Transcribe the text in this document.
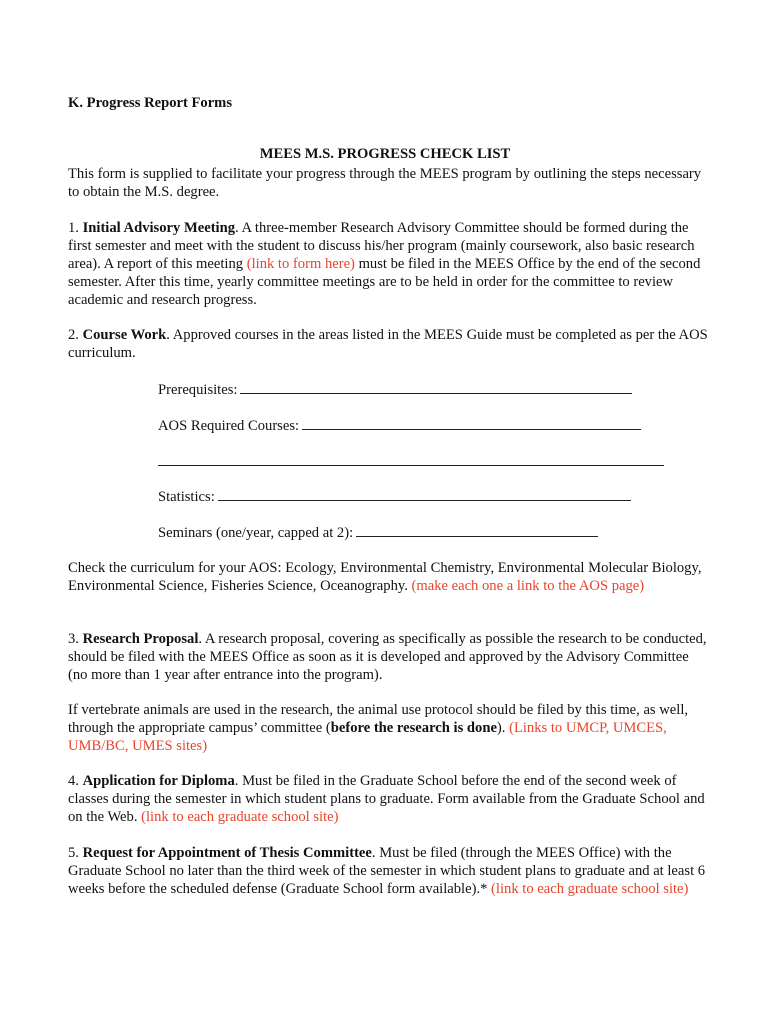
K. Progress Report Forms

MEES M.S. PROGRESS CHECK LIST

This form is supplied to facilitate your progress through the MEES program by outlining the steps necessary to obtain the M.S. degree.

1. Initial Advisory Meeting. A three-member Research Advisory Committee should be formed during the first semester and meet with the student to discuss his/her program (mainly coursework, also basic research area). A report of this meeting (link to form here) must be filed in the MEES Office by the end of the second semester. After this time, yearly committee meetings are to be held in order for the committee to review academic and research progress.

2. Course Work. Approved courses in the areas listed in the MEES Guide must be completed as per the AOS curriculum.

Prerequisites:

AOS Required Courses:

Statistics:

Seminars (one/year, capped at 2):

Check the curriculum for your AOS: Ecology, Environmental Chemistry, Environmental Molecular Biology, Environmental Science, Fisheries Science, Oceanography. (make each one a link to the AOS page)

3. Research Proposal. A research proposal, covering as specifically as possible the research to be conducted, should be filed with the MEES Office as soon as it is developed and approved by the Advisory Committee (no more than 1 year after entrance into the program).

If vertebrate animals are used in the research, the animal use protocol should be filed by this time, as well, through the appropriate campus’ committee (before the research is done). (Links to UMCP, UMCES, UMB/BC, UMES sites)

4. Application for Diploma. Must be filed in the Graduate School before the end of the second week of classes during the semester in which student plans to graduate. Form available from the Graduate School and on the Web. (link to each graduate school site)

5. Request for Appointment of Thesis Committee. Must be filed (through the MEES Office) with the Graduate School no later than the third week of the semester in which student plans to graduate and at least 6 weeks before the scheduled defense (Graduate School form available).* (link to each graduate school site)
